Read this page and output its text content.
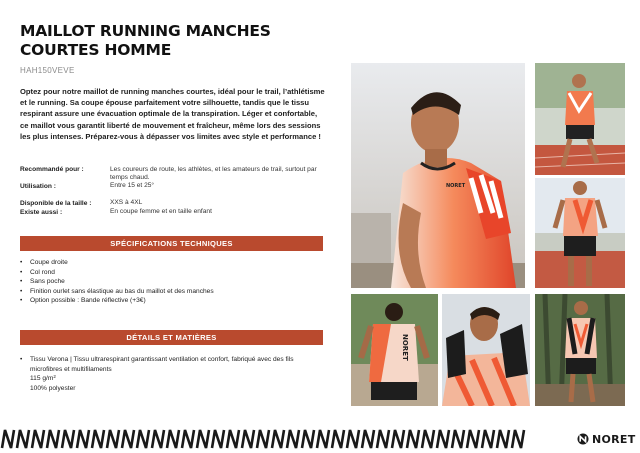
MAILLOT RUNNING MANCHES COURTES HOMME
HAH150VEVE

Optez pour notre maillot de running manches courtes, idéal pour le trail, l’athlétisme et le running. Sa coupe épouse parfaitement votre silhouette, tandis que le tissu respirant assure une évacuation optimale de la transpiration. Léger et confortable, ce maillot vous garantit liberté de mouvement et fraîcheur, même lors des sessions les plus intenses. Préparez-vous à dépasser vos limites avec style et performance !

Recommandé pour :	Les coureurs de route, les athlètes, et les amateurs de trail, surtout par temps chaud.
Utilisation :	Entre 15 et 25°
Disponible de la taille :	XXS à 4XL
Existe aussi :	En coupe femme et en taille enfant
SPÉCIFICATIONS TECHNIQUES
• Coupe droite
• Col rond
• Sans poche
• Finition ourlet sans élastique au bas du maillot et des manches
• Option possible : Bande réflective (+3€)
DÉTAILS ET MATIÈRES
• Tissu Verona | Tissu ultrarespirant garantissant ventilation et confort, fabriqué avec des fils microfibres et multifilaments
115 $g/m^2$
100% polyester
NORET
NORET
NORET
